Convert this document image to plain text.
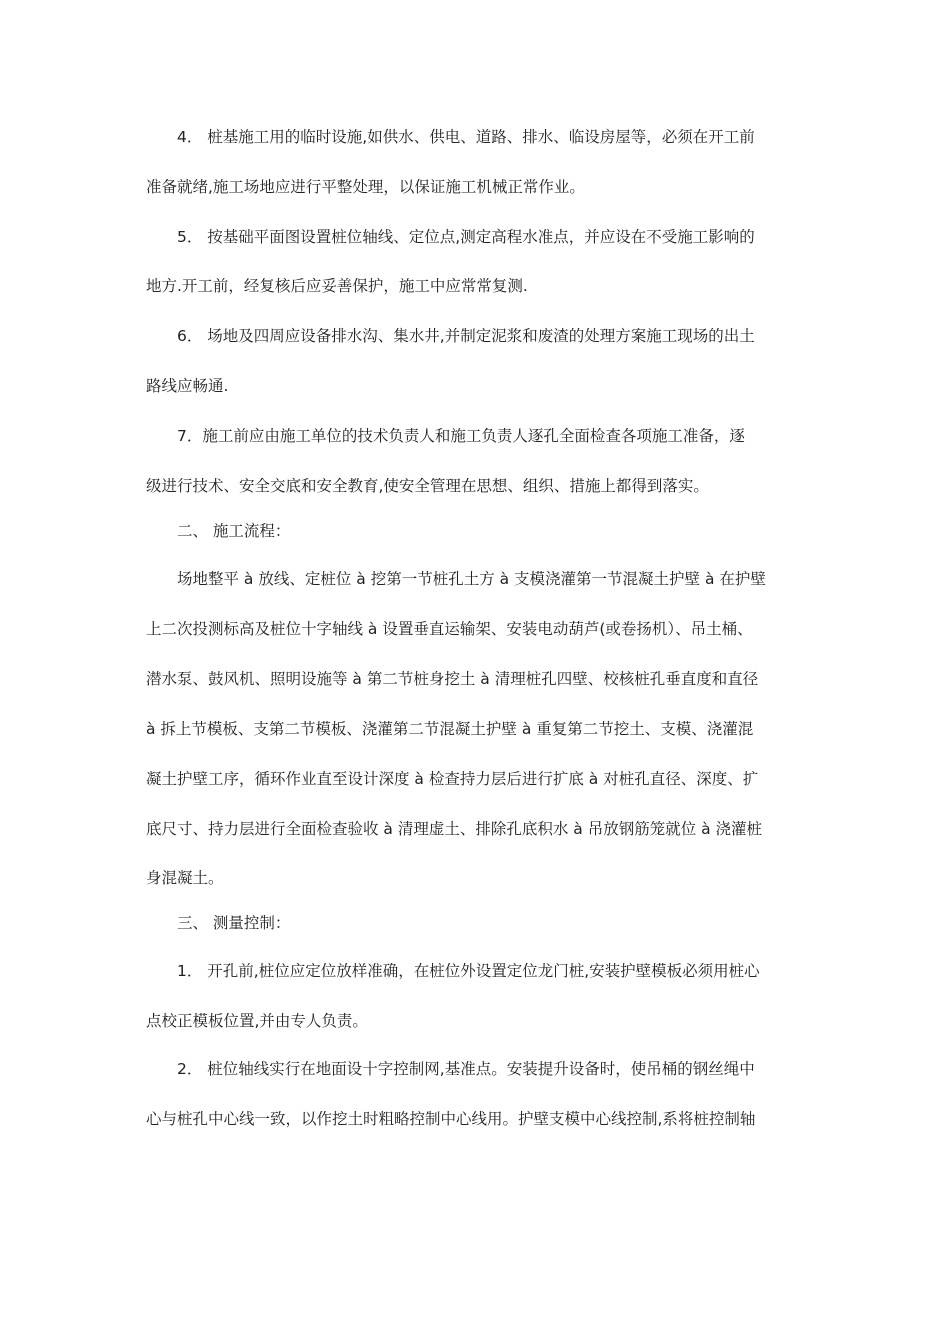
4． 桩基施工用的临时设施,如供水、供电、道路、排水、临设房屋等，必须在开工前
准备就绪,施工场地应进行平整处理，以保证施工机械正常作业。
5． 按基础平面图设置桩位轴线、定位点,测定高程水准点，并应设在不受施工影响的
地方.开工前，经复核后应妥善保护，施工中应常常复测.
6． 场地及四周应设备排水沟、集水井,并制定泥浆和废渣的处理方案施工现场的出土
路线应畅通.
7．施工前应由施工单位的技术负责人和施工负责人逐孔全面检查各项施工准备，逐
级进行技术、安全交底和安全教育,使安全管理在思想、组织、措施上都得到落实。
二、 施工流程：
场地整平 à 放线、定桩位 à 挖第一节桩孔土方 à 支模浇灌第一节混凝土护壁 à 在护壁
上二次投测标高及桩位十字轴线 à 设置垂直运输架、安装电动葫芦(或卷扬机）、吊土桶、
潜水泵、鼓风机、照明设施等 à 第二节桩身挖土 à 清理桩孔四壁、校核桩孔垂直度和直径
à 拆上节模板、支第二节模板、浇灌第二节混凝土护壁 à 重复第二节挖土、支模、浇灌混
凝土护壁工序，循环作业直至设计深度 à 检查持力层后进行扩底 à 对桩孔直径、深度、扩
底尺寸、持力层进行全面检查验收 à 清理虚土、排除孔底积水 à 吊放钢筋笼就位 à 浇灌桩
身混凝土。
三、 测量控制：
1． 开孔前,桩位应定位放样准确，在桩位外设置定位龙门桩,安装护壁模板必须用桩心
点校正模板位置,并由专人负责。
2． 桩位轴线实行在地面设十字控制网,基准点。安装提升设备时，使吊桶的钢丝绳中
心与桩孔中心线一致，以作挖土时粗略控制中心线用。护壁支模中心线控制,系将桩控制轴
